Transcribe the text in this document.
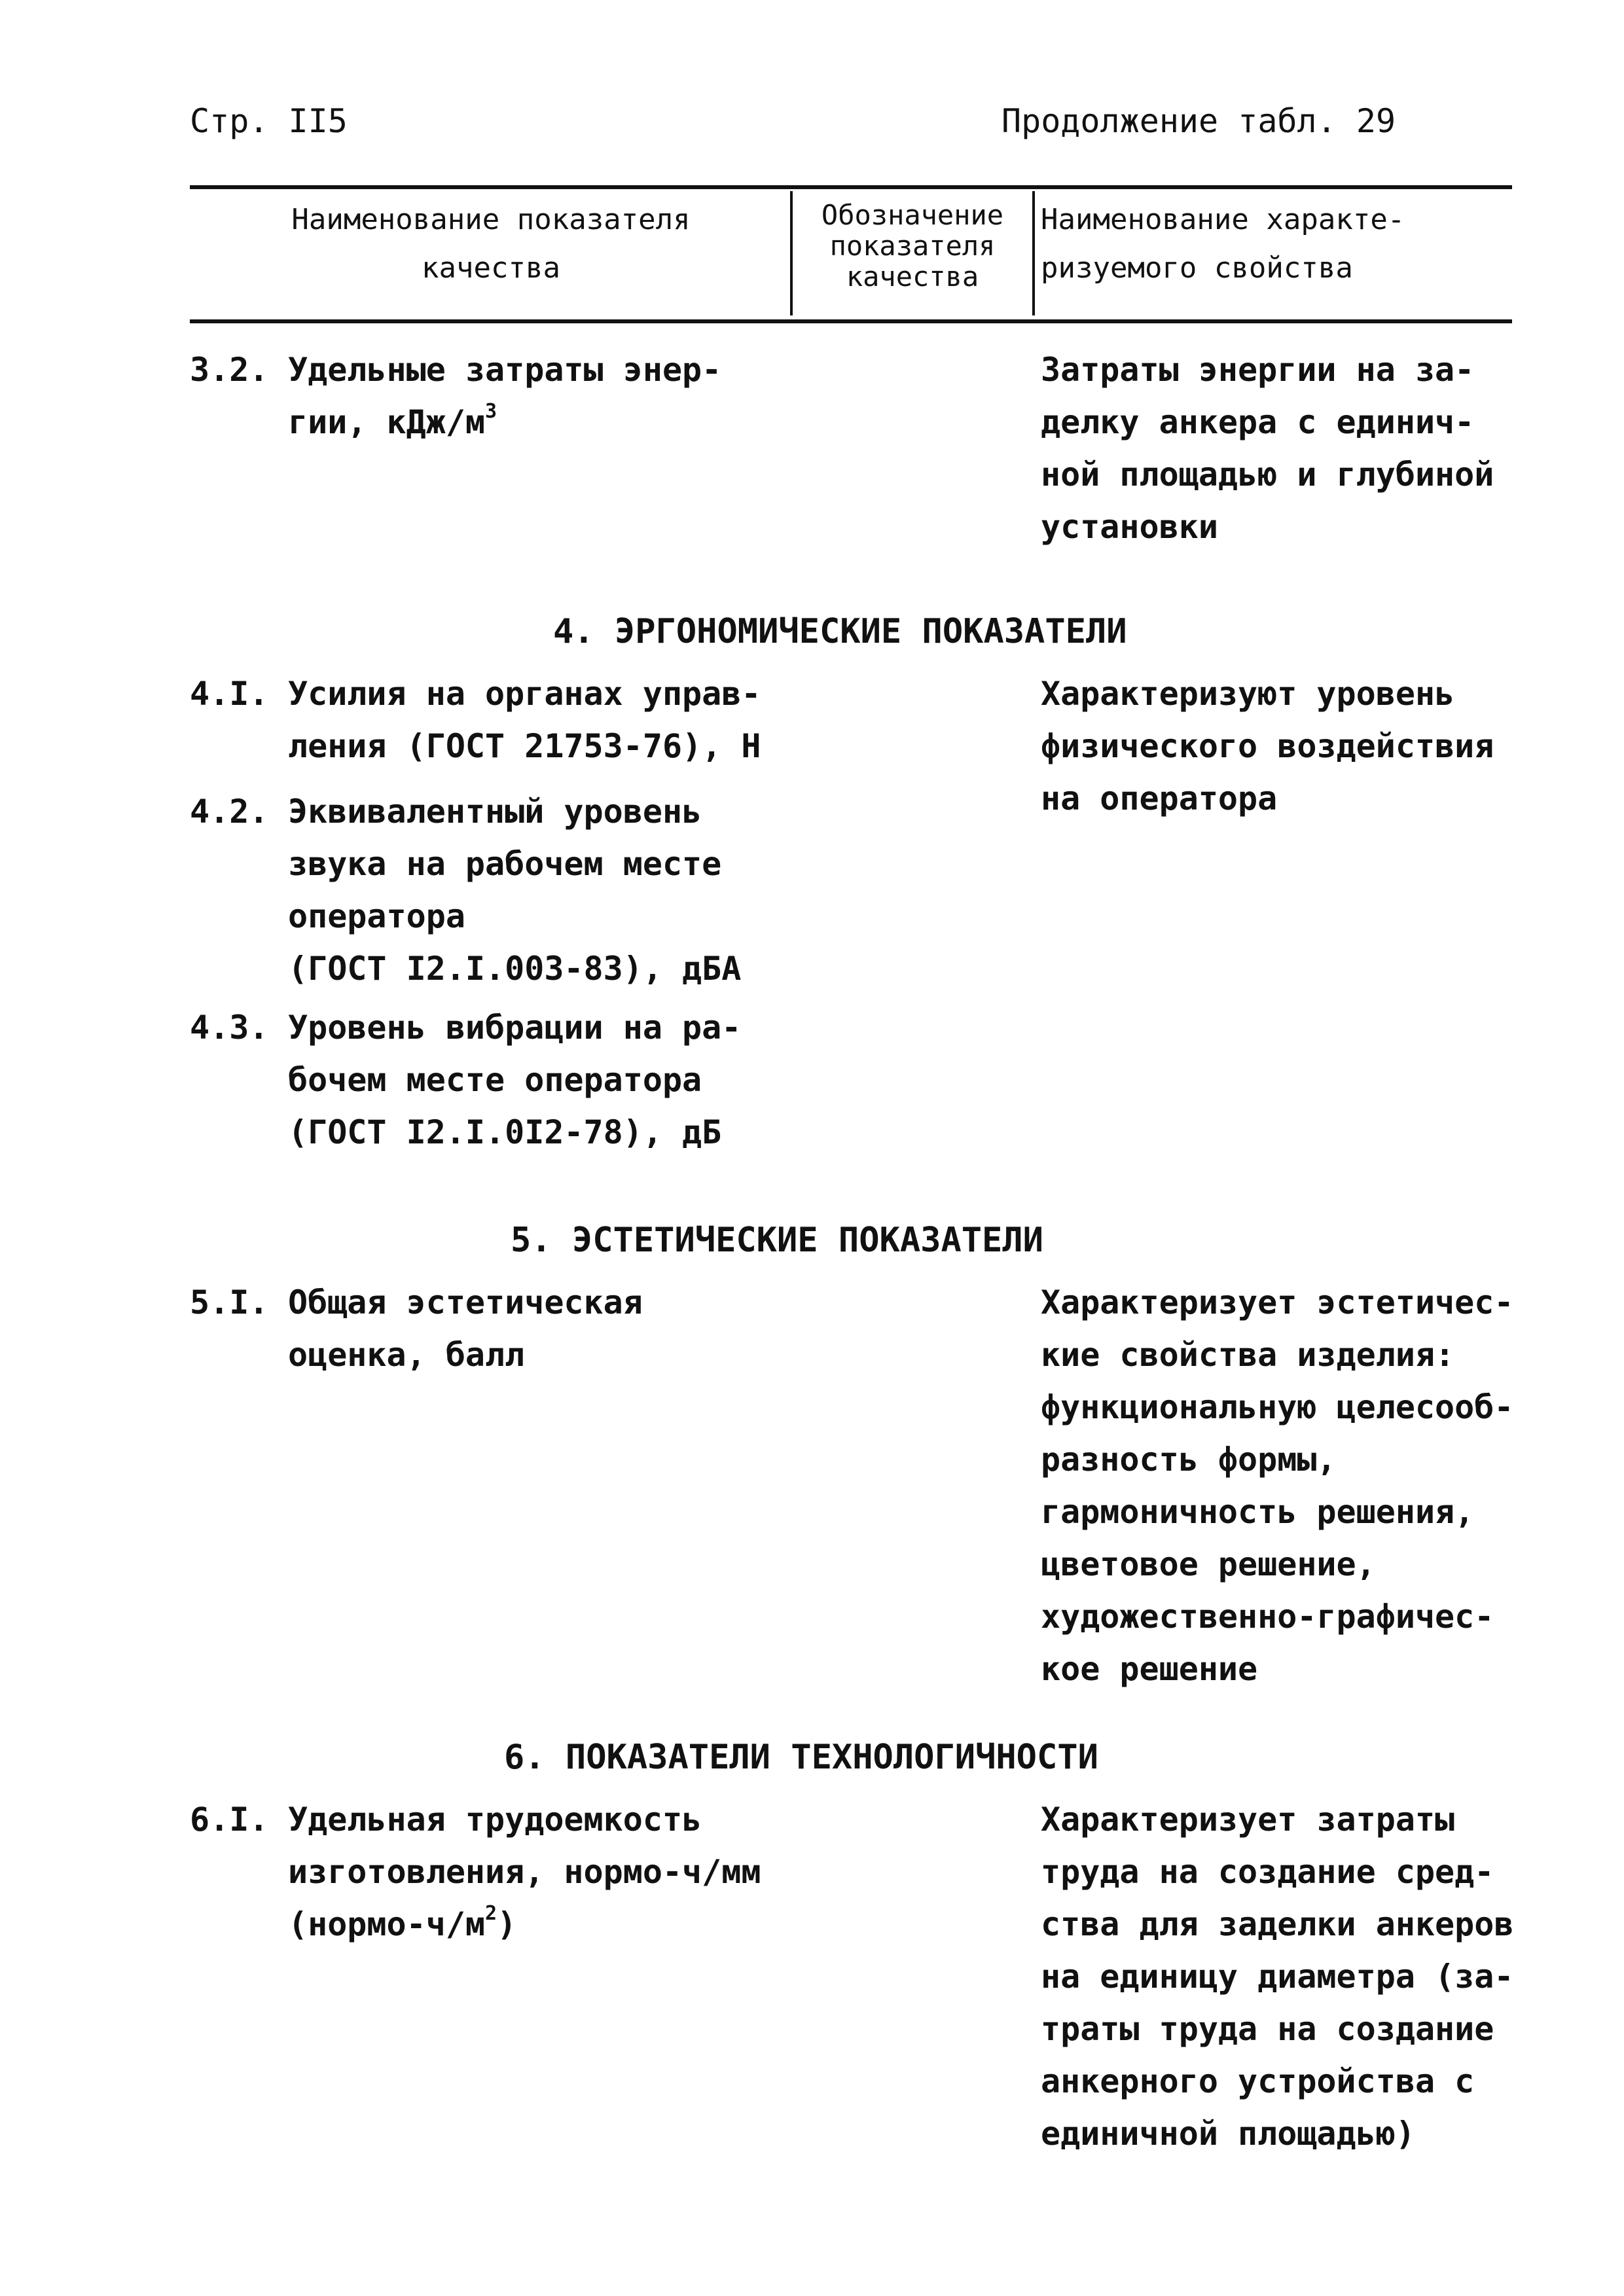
Стр. II5	Продолжение табл. 29
Наименование показателя
качества
Обозначение
показателя
качества
Наименование характе-
ризуемого свойства
3.2. Удельные затраты энер-
гии, кДж/$м^3$
Затраты энергии на за-
делку анкера с единич-
ной площадью и глубиной
установки
4. ЭРГОНОМИЧЕСКИЕ ПОКАЗАТЕЛИ
4.I. Усилия на органах управ-
ления (ГОСТ 21753-76), Н
Характеризуют уровень
физического воздействия
на оператора
4.2. Эквивалентный уровень
звука на рабочем месте
оператора
(ГОСТ I2.I.003-83), дБА
4.3. Уровень вибрации на ра-
бочем месте оператора
(ГОСТ I2.I.0I2-78), дБ
5. ЭСТЕТИЧЕСКИЕ ПОКАЗАТЕЛИ
5.I. Общая эстетическая
оценка, балл
Характеризует эстетичес-
кие свойства изделия:
функциональную целесооб-
разность формы,
гармоничность решения,
цветовое решение,
художественно-графичес-
кое решение
6. ПОКАЗАТЕЛИ ТЕХНОЛОГИЧНОСТИ
6.I. Удельная трудоемкость
изготовления, нормо-ч/мм
$(нормо-ч/м^2)$
Характеризует затраты
труда на создание сред-
ства для заделки анкеров
на единицу диаметра (за-
траты труда на создание
анкерного устройства с
единичной площадью)
